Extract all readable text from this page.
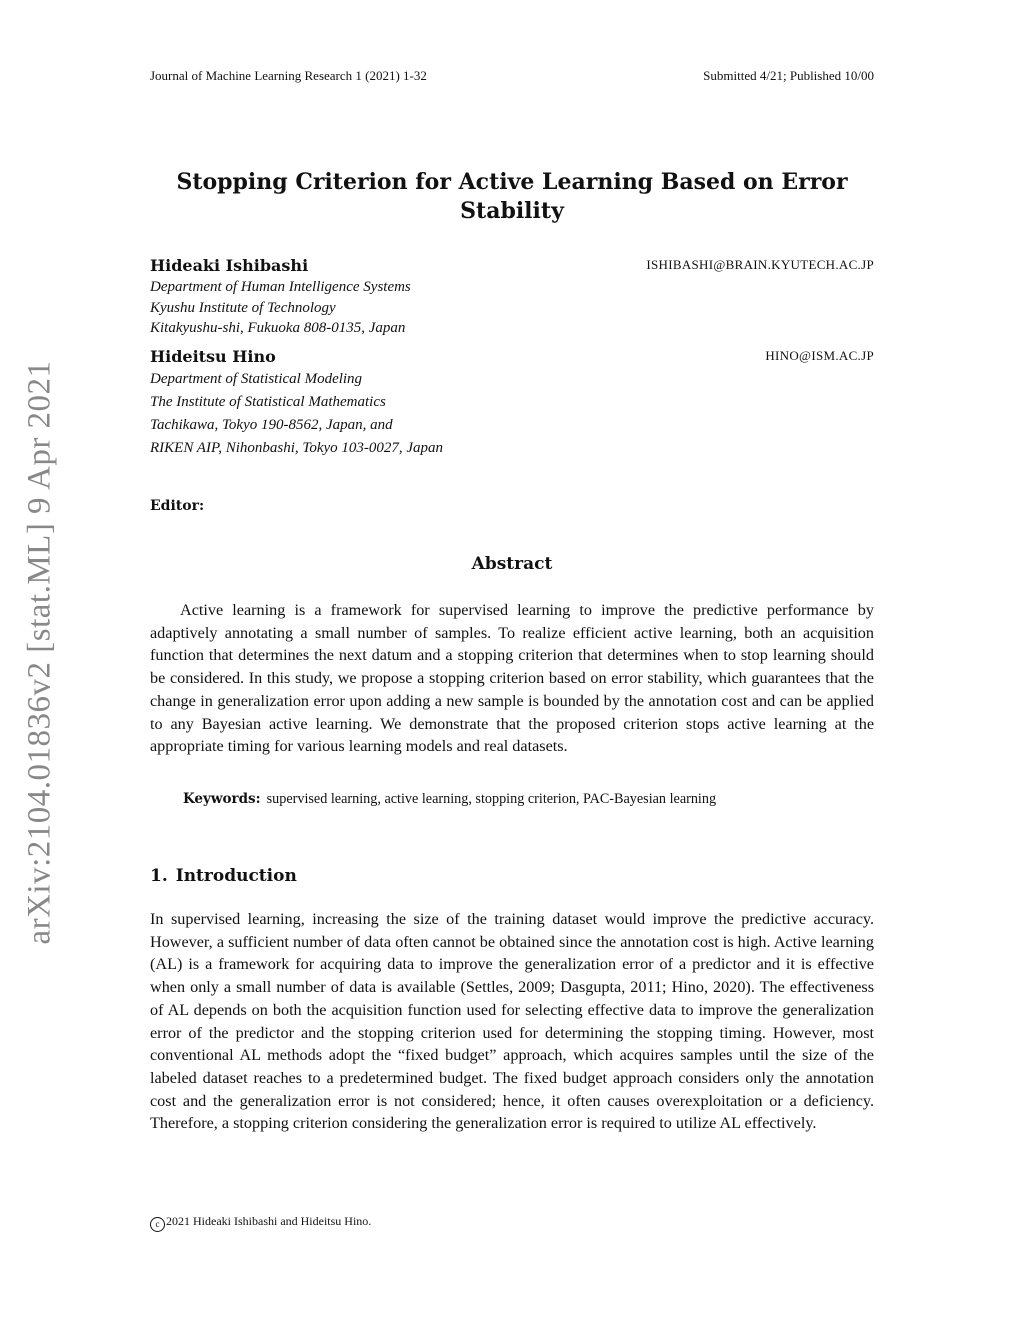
Journal of Machine Learning Research 1 (2021) 1-32	Submitted 4/21; Published 10/00
arXiv:2104.01836v2 [stat.ML] 9 Apr 2021
Stopping Criterion for Active Learning Based on Error Stability
Hideaki Ishibashi	ISHIBASHI@BRAIN.KYUTECH.AC.JP
Department of Human Intelligence Systems
Kyushu Institute of Technology
Kitakyushu-shi, Fukuoka 808-0135, Japan
Hideitsu Hino	HINO@ISM.AC.JP
Department of Statistical Modeling
The Institute of Statistical Mathematics
Tachikawa, Tokyo 190-8562, Japan, and
RIKEN AIP, Nihonbashi, Tokyo 103-0027, Japan
Editor:
Abstract

Active learning is a framework for supervised learning to improve the predictive performance by adaptively annotating a small number of samples. To realize efficient active learning, both an acquisition function that determines the next datum and a stopping criterion that determines when to stop learning should be considered. In this study, we propose a stopping criterion based on error stability, which guarantees that the change in generalization error upon adding a new sample is bounded by the annotation cost and can be applied to any Bayesian active learning. We demonstrate that the proposed criterion stops active learning at the appropriate timing for various learning models and real datasets.

Keywords: supervised learning, active learning, stopping criterion, PAC-Bayesian learning
1. Introduction

In supervised learning, increasing the size of the training dataset would improve the predictive accuracy. However, a sufficient number of data often cannot be obtained since the annotation cost is high. Active learning (AL) is a framework for acquiring data to improve the generalization error of a predictor and it is effective when only a small number of data is available (Settles, 2009; Dasgupta, 2011; Hino, 2020). The effectiveness of AL depends on both the acquisition function used for selecting effective data to improve the generalization error of the predictor and the stopping criterion used for determining the stopping timing. However, most conventional AL methods adopt the “fixed budget” approach, which acquires samples until the size of the labeled dataset reaches to a predetermined budget. The fixed budget approach considers only the annotation cost and the generalization error is not considered; hence, it often causes overexploitation or a deficiency. Therefore, a stopping criterion considering the generalization error is required to utilize AL effectively.

c 2021 Hideaki Ishibashi and Hideitsu Hino.
